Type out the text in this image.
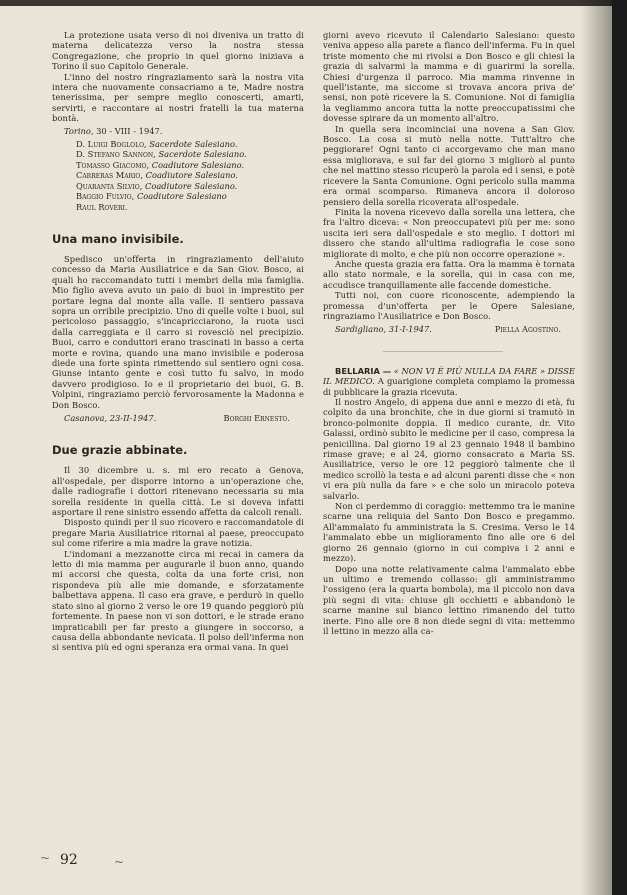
La protezione usata verso di noi diveniva un tratto di materna delicatezza verso la nostra stessa Congregazione, che proprio in quel giorno iniziava a Torino il suo Capitolo Generale.

L'inno del nostro ringraziamento sarà la nostra vita intera che nuovamente consacriamo a te, Madre nostra tenerissima, per sempre meglio conoscerti, amarti, servirti, e raccontare ai nostri fratelli la tua materna bontà.

Torino, 30 - VIII - 1947.

D. Luigi Boglolo, Sacerdote Salesiano.

D. Stefano Sannon, Sacerdote Salesiano.

Tomasso Giacomo, Coadiutore Salesiano.

Carreras Mario, Coadiutore Salesiano.

Quaranta Silvio, Coadiutore Salesiano.

Baggio Fulvio, Coadiutore Salesiano

Raul Roveri.

Una mano invisibile.

Spedisco un'offerta in ringraziamento dell'aiuto concesso da Maria Ausiliatrice e da San Giov. Bosco, ai quali ho raccomandato tutti i membri della mia famiglia. Mio figlio aveva avuto un paio di buoi in imprestito per portare legna dal monte alla valle. Il sentiero passava sopra un orribile precipizio. Uno di quelle volte i buoi, sul pericoloso passaggio, s'incapricciarono, la ruota uscì dalla carreggiata e il carro si rovesciò nel precipizio. Buoi, carro e conduttori erano trascinati in basso a certa morte e rovina, quando una mano invisibile e poderosa diede una forte spinta rimettendo sul sentiero ogni cosa. Giunse intanto gente e così tutto fu salvo, in modo davvero prodigioso. Io e il proprietario dei buoi, G. B. Volpini, ringraziamo perciò fervorosamente la Madonna e Don Bosco.

Casanova, 23-II-1947.	Borghi Ernesto.
Due grazie abbinate.

Il 30 dicembre u. s. mi ero recato a Genova, all'ospedale, per disporre intorno a un'operazione che, dalle radiografie i dottori ritenevano necessaria su mia sorella residente in quella città. Le si doveva infatti asportare il rene sinistro essendo affetta da calcoli renali.

Disposto quindi per il suo ricovero e raccomandatole di pregare Maria Ausiliatrice ritornai al paese, preoccupato sul come riferire a mia madre la grave notizia.

L'indomani a mezzanotte circa mi recai in camera da letto di mia mamma per augurarle il buon anno, quando mi accorsi che questa, colta da una forte crisi, non rispondeva più alle mie domande, e sforzatamente balbettava appena. Il caso era grave, e perdurò in quello stato sino al giorno 2 verso le ore 19 quando peggiorò più fortemente. In paese non vi son dottori, e le strade erano impraticabili per far presto a giungere in soccorso, a causa della abbondante nevicata. Il polso dell'inferma non si sentiva più ed ogni speranza era ormai vana. In quei

giorni avevo ricevuto il Calendario Salesiano: questo veniva appeso alla parete a fianco dell'inferma. Fu in quel triste momento che mi rivolsi a Don Bosco e gli chiesi la grazia di salvarmi la mamma e di guarirmi la sorella. Chiesi d'urgenza il parroco. Mia mamma rinvenne in quell'istante, ma siccome si trovava ancora priva de' sensi, non potè ricevere la S. Comunione. Noi di famiglia la vegliammo ancora tutta la notte preoccupatissimi che dovesse spirare da un momento all'altro.

In quella sera incominciai una novena a San Giov. Bosco. La cosa si mutò nella notte. Tutt'altro che peggiorare! Ogni tanto ci accorgevamo che man mano essa migliorava, e sul far del giorno 3 migliorò al punto che nel mattino stesso ricuperò la parola ed i sensi, e potè ricevere la Santa Comunione. Ogni pericolo sulla mamma era ormai scomparso. Rimaneva ancora il doloroso pensiero della sorella ricoverata all'ospedale.

Finita la novena ricevevo dalla sorella una lettera, che fra l'altro diceva: « Non preoccupatevi più per me: sono uscita ieri sera dall'ospedale e sto meglio. I dottori mi dissero che stando all'ultima radiografia le cose sono migliorate di molto, e che più non occorre operazione ».

Anche questa grazia era fatta. Ora la mamma è tornata allo stato normale, e la sorella, qui in casa con me, accudisce tranquillamente alle faccende domestiche.

Tutti noi, con cuore riconoscente, adempiendo la promessa d'un'offerta per le Opere Salesiane, ringraziamo l'Ausiliatrice e Don Bosco.

Sardigliano, 31-I-1947.	Piella Agostino.

BELLARIA — « NON VI È PIÙ NULLA DA FARE » DISSE IL MEDICO. A guarigione completa compiamo la promessa di pubblicare la grazia ricevuta.

Il nostro Angelo, di appena due anni e mezzo di età, fu colpito da una bronchite, che in due giorni si tramutò in bronco-polmonite doppia. Il medico curante, dr. Vito Galassi, ordinò subito le medicine per il caso, compresa la penicillina. Dal giorno 19 al 23 gennaio 1948 il bambino rimase grave; e al 24, giorno consacrato a Maria SS. Ausiliatrice, verso le ore 12 peggiorò talmente che il medico scrollò la testa e ad alcuni parenti disse che « non vi era più nulla da fare » e che solo un miracolo poteva salvarlo.

Non ci perdemmo di coraggio: mettemmo tra le manine scarne una reliquia del Santo Don Bosco e pregammo. All'ammalato fu amministrata la S. Cresima. Verso le 14 l'ammalato ebbe un miglioramento fino alle ore 6 del giorno 26 gennaio (giorno in cui compiva i 2 anni e mezzo).

Dopo una notte relativamente calma l'ammalato ebbe un ultimo e tremendo collasso: gli amministrammo l'ossigeno (era la quarta bombola), ma il piccolo non dava più segni di vita: chiuse gli occhietti e abbandonò le scarne manine sul bianco lettino rimanendo del tutto inerte. Fino alle ore 8 non diede segni di vita: mettemmo il lettino in mezzo alla ca-

~ 92	~
